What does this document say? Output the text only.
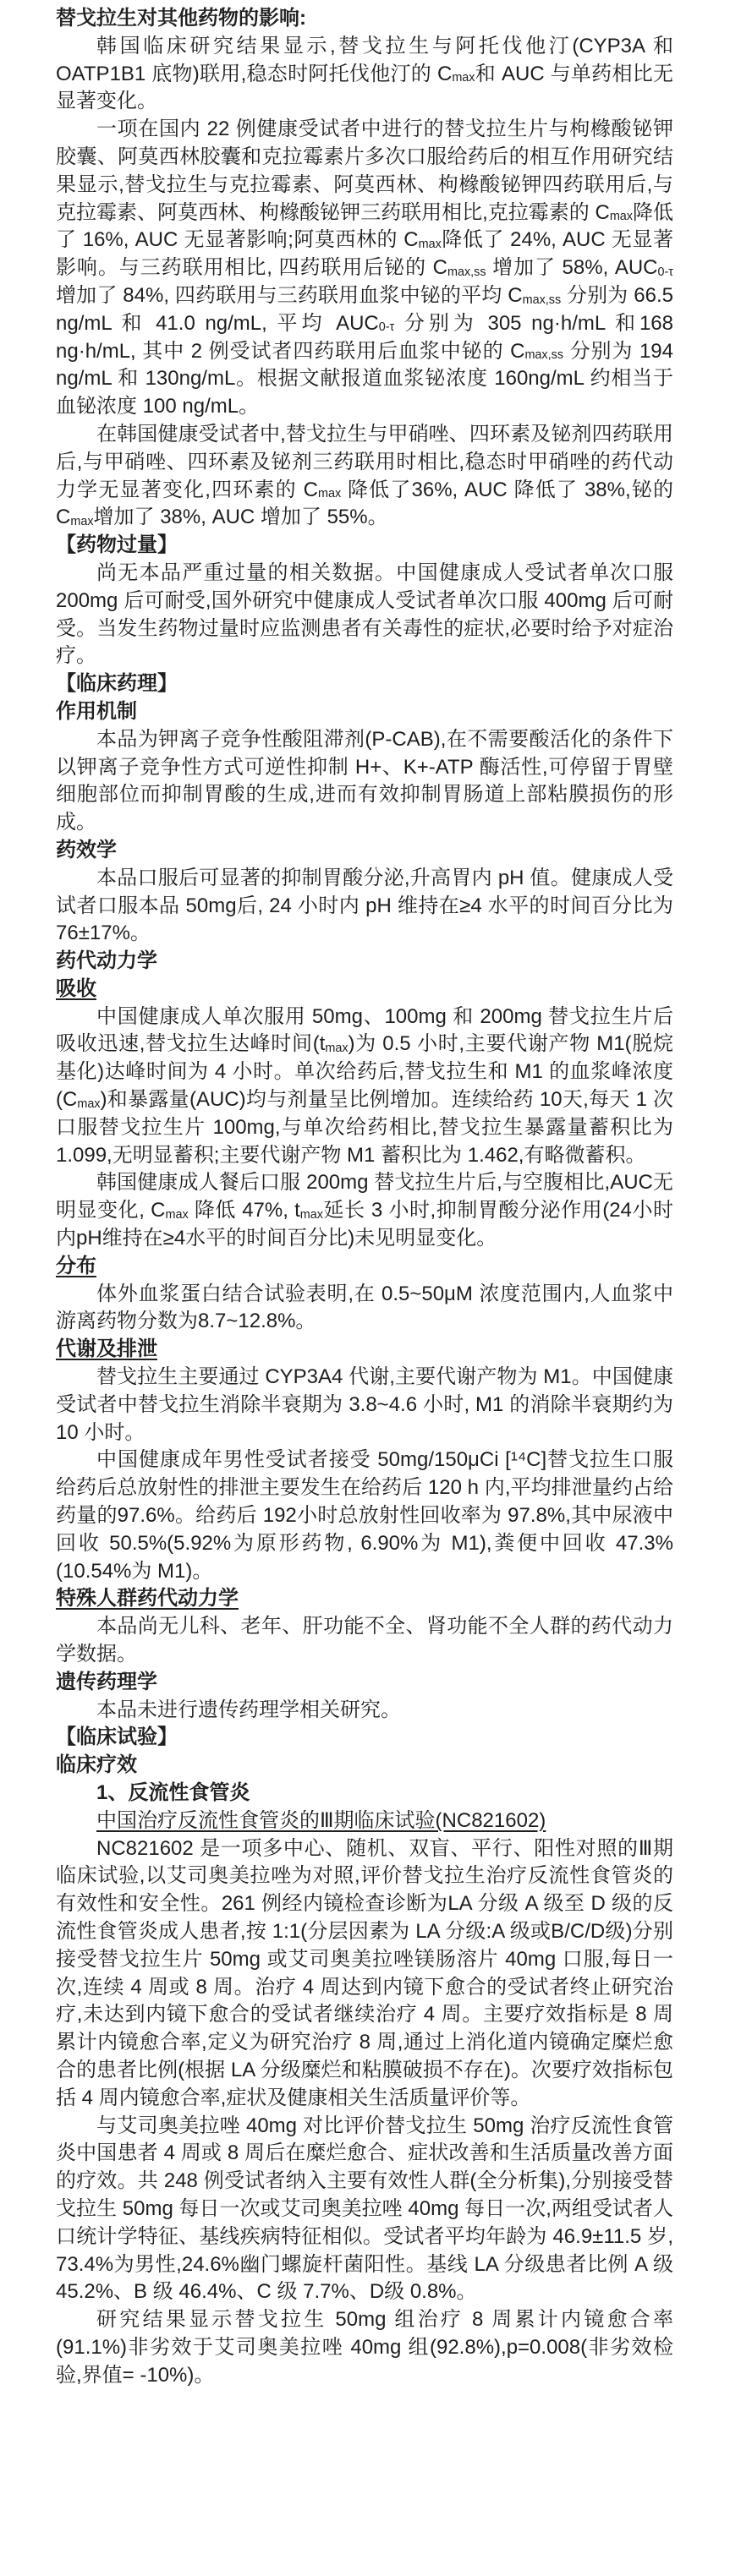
替戈拉生对其他药物的影响:
韩国临床研究结果显示,替戈拉生与阿托伐他汀(CYP3A 和 OATP1B1 底物)联用,稳态时阿托伐他汀的 $C_{max}$和 AUC 与单药相比无显著变化。
一项在国内 22 例健康受试者中进行的替戈拉生片与枸橼酸铋钾胶囊、阿莫西林胶囊和克拉霉素片多次口服给药后的相互作用研究结果显示,替戈拉生与克拉霉素、阿莫西林、枸橼酸铋钾四药联用后,与克拉霉素、阿莫西林、枸橼酸铋钾三药联用相比,克拉霉素的 $C_{max}$降低了 16%, AUC 无显著影响;阿莫西林的 $C_{max}$降低了 24%, AUC 无显著影响。与三药联用相比, 四药联用后铋的 $C_{max,ss}$ 增加了 58%, $AUC_{0-\tau}$ 增加了 84%, 四药联用与三药联用血浆中铋的平均 $C_{max,ss}$ 分别为 66.5 ng/mL 和 41.0 ng/mL, 平均 $AUC_{0-\tau}$ 分别为 305 ng·h/mL 和168 ng·h/mL, 其中 2 例受试者四药联用后血浆中铋的 $C_{max,ss}$ 分别为 194 ng/mL 和 130ng/mL。根据文献报道血浆铋浓度 160ng/mL 约相当于血铋浓度 100 ng/mL。
在韩国健康受试者中,替戈拉生与甲硝唑、四环素及铋剂四药联用后,与甲硝唑、四环素及铋剂三药联用时相比,稳态时甲硝唑的药代动力学无显著变化,四环素的 $C_{max}$ 降低了36%, AUC 降低了 38%,铋的 $C_{max}$增加了 38%, AUC 增加了 55%。
【药物过量】
尚无本品严重过量的相关数据。中国健康成人受试者单次口服 200mg 后可耐受,国外研究中健康成人受试者单次口服 400mg 后可耐受。当发生药物过量时应监测患者有关毒性的症状,必要时给予对症治疗。
【临床药理】
作用机制
本品为钾离子竞争性酸阻滞剂(P-CAB),在不需要酸活化的条件下以钾离子竞争性方式可逆性抑制 H+、K+-ATP 酶活性,可停留于胃壁细胞部位而抑制胃酸的生成,进而有效抑制胃肠道上部粘膜损伤的形成。
药效学
本品口服后可显著的抑制胃酸分泌,升高胃内 pH 值。健康成人受试者口服本品 50mg后, 24 小时内 pH 维持在≥4 水平的时间百分比为 76±17%。
药代动力学
吸收
中国健康成人单次服用 50mg、100mg 和 200mg 替戈拉生片后吸收迅速,替戈拉生达峰时间$(t_{max})$为 0.5 小时,主要代谢产物 M1(脱烷基化)达峰时间为 4 小时。单次给药后,替戈拉生和 M1 的血浆峰浓度$(C_{max})$和暴露量(AUC)均与剂量呈比例增加。连续给药 10天,每天 1 次口服替戈拉生片 100mg,与单次给药相比,替戈拉生暴露量蓄积比为 1.099,无明显蓄积;主要代谢产物 M1 蓄积比为 1.462,有略微蓄积。
韩国健康成人餐后口服 200mg 替戈拉生片后,与空腹相比,AUC无明显变化, $C_{max}$ 降低 47%, $t_{max}$延长 3 小时,抑制胃酸分泌作用(24小时内pH维持在≥4水平的时间百分比)未见明显变化。
分布
体外血浆蛋白结合试验表明,在 0.5~50μM 浓度范围内,人血浆中游离药物分数为8.7~12.8%。
代谢及排泄
替戈拉生主要通过 CYP3A4 代谢,主要代谢产物为 M1。中国健康受试者中替戈拉生消除半衰期为 3.8~4.6 小时, M1 的消除半衰期约为 10 小时。
中国健康成年男性受试者接受 50mg/150μCi [¹⁴C]替戈拉生口服给药后总放射性的排泄主要发生在给药后 120 h 内,平均排泄量约占给药量的97.6%。给药后 192小时总放射性回收率为 97.8%,其中尿液中回收 50.5%(5.92%为原形药物, 6.90%为 M1),粪便中回收 47.3%(10.54%为 M1)。
特殊人群药代动力学
本品尚无儿科、老年、肝功能不全、肾功能不全人群的药代动力学数据。
遗传药理学
本品未进行遗传药理学相关研究。
【临床试验】
临床疗效
1、反流性食管炎
中国治疗反流性食管炎的Ⅲ期临床试验(NC821602)
NC821602 是一项多中心、随机、双盲、平行、阳性对照的Ⅲ期临床试验,以艾司奥美拉唑为对照,评价替戈拉生治疗反流性食管炎的有效性和安全性。261 例经内镜检查诊断为LA 分级 A 级至 D 级的反流性食管炎成人患者,按 1:1(分层因素为 LA 分级:A 级或B/C/D级)分别接受替戈拉生片 50mg 或艾司奥美拉唑镁肠溶片 40mg 口服,每日一次,连续 4 周或 8 周。治疗 4 周达到内镜下愈合的受试者终止研究治疗,未达到内镜下愈合的受试者继续治疗 4 周。主要疗效指标是 8 周累计内镜愈合率,定义为研究治疗 8 周,通过上消化道内镜确定糜烂愈合的患者比例(根据 LA 分级糜烂和粘膜破损不存在)。次要疗效指标包括 4 周内镜愈合率,症状及健康相关生活质量评价等。
与艾司奥美拉唑 40mg 对比评价替戈拉生 50mg 治疗反流性食管炎中国患者 4 周或 8 周后在糜烂愈合、症状改善和生活质量改善方面的疗效。共 248 例受试者纳入主要有效性人群(全分析集),分别接受替戈拉生 50mg 每日一次或艾司奥美拉唑 40mg 每日一次,两组受试者人口统计学特征、基线疾病特征相似。受试者平均年龄为 46.9±11.5 岁, 73.4%为男性,24.6%幽门螺旋杆菌阳性。基线 LA 分级患者比例 A 级 45.2%、B 级 46.4%、C 级 7.7%、D级 0.8%。
研究结果显示替戈拉生 50mg 组治疗 8 周累计内镜愈合率(91.1%)非劣效于艾司奥美拉唑 40mg 组(92.8%),p=0.008(非劣效检验,界值= -10%)。
